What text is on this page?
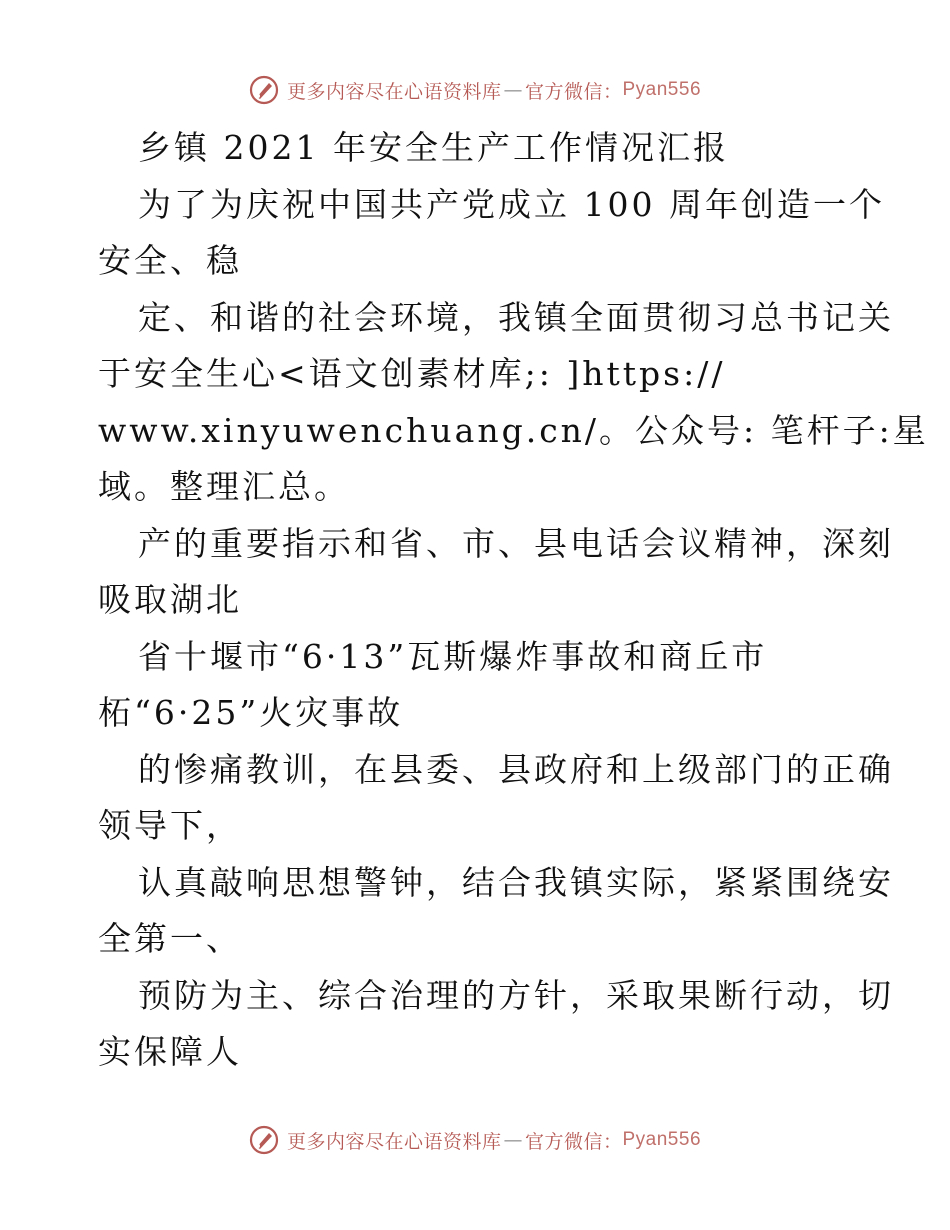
更多内容尽在心语资料库 — 官方微信： Pyan556
乡镇 2021 年安全生产工作情况汇报
为了为庆祝中国共产党成立 100 周年创造一个
安全、稳
定、和谐的社会环境，我镇全面贯彻习总书记关
于安全生心<语文创素材库;: ]https://
www.xinyuwenchuang.cn/。公众号: 笔杆子:星
域。整理汇总。
产的重要指示和省、市、县电话会议精神，深刻
吸取湖北
省十堰市“6·13”瓦斯爆炸事故和商丘市
柘“6·25”火灾事故
的惨痛教训，在县委、县政府和上级部门的正确
领导下，
认真敲响思想警钟，结合我镇实际，紧紧围绕安
全第一、
预防为主、综合治理的方针，采取果断行动，切
实保障人
更多内容尽在心语资料库 — 官方微信： Pyan556
